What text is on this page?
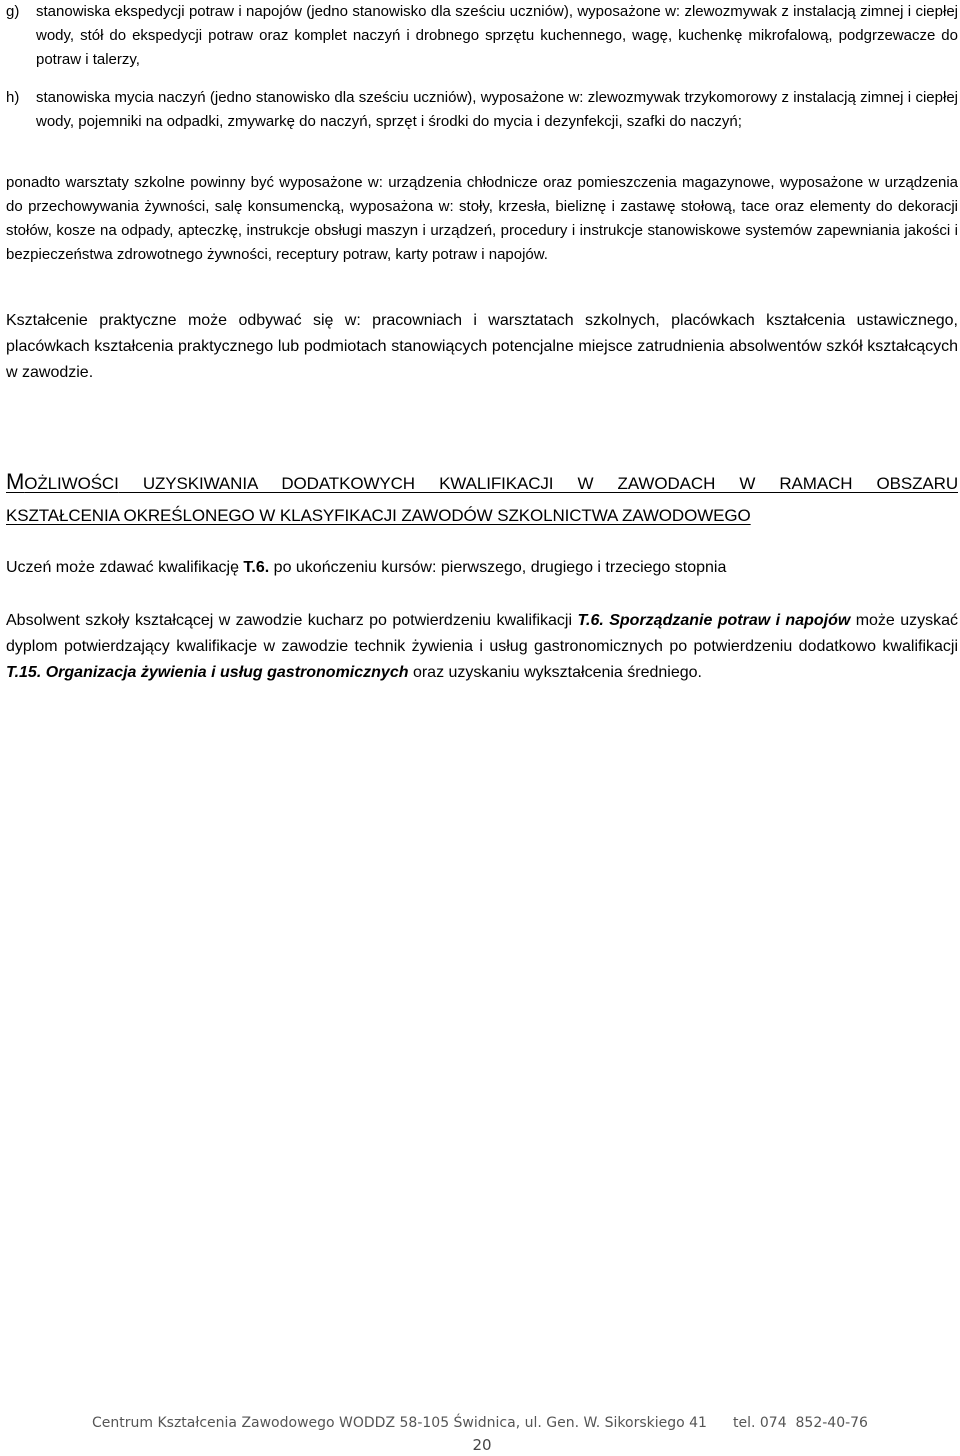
g)	stanowiska ekspedycji potraw i napojów (jedno stanowisko dla sześciu uczniów), wyposażone w: zlewozmywak z instalacją zimnej i ciepłej wody, stół do ekspedycji potraw oraz komplet naczyń i drobnego sprzętu kuchennego, wagę, kuchenkę mikrofalową, podgrzewacze do potraw i talerzy,
h)	stanowiska mycia naczyń (jedno stanowisko dla sześciu uczniów), wyposażone w: zlewozmywak trzykomorowy z instalacją zimnej i ciepłej wody, pojemniki na odpadki, zmywarkę do naczyń, sprzęt i środki do mycia i dezynfekcji, szafki do naczyń;

ponadto warsztaty szkolne powinny być wyposażone w: urządzenia chłodnicze oraz pomieszczenia magazynowe, wyposażone w urządzenia do przechowywania żywności, salę konsumencką, wyposażona w: stoły, krzesła, bieliznę i zastawę stołową, tace oraz elementy do dekoracji stołów, kosze na odpady, apteczkę, instrukcje obsługi maszyn i urządzeń, procedury i instrukcje stanowiskowe systemów zapewniania jakości i bezpieczeństwa zdrowotnego żywności, receptury potraw, karty potraw i napojów.

Kształcenie praktyczne może odbywać się w: pracowniach i warsztatach szkolnych, placówkach kształcenia ustawicznego, placówkach kształcenia praktycznego lub podmiotach stanowiących potencjalne miejsce zatrudnienia absolwentów szkół kształcących w zawodzie.

MOŻLIWOŚCI UZYSKIWANIA DODATKOWYCH KWALIFIKACJI W ZAWODACH W RAMACH OBSZARU
KSZTAŁCENIA OKREŚLONEGO W KLASYFIKACJI ZAWODÓW SZKOLNICTWA ZAWODOWEGO

Uczeń może zdawać kwalifikację T.6. po ukończeniu kursów: pierwszego, drugiego i trzeciego stopnia

Absolwent szkoły kształcącej w zawodzie kucharz po potwierdzeniu kwalifikacji T.6. Sporządzanie potraw i napojów może uzyskać dyplom potwierdzający kwalifikacje w zawodzie technik żywienia i usług gastronomicznych po potwierdzeniu dodatkowo kwalifikacji T.15. Organizacja żywienia i usług gastronomicznych oraz uzyskaniu wykształcenia średniego.

Centrum Kształcenia Zawodowego WODDZ 58-105 Świdnica, ul. Gen. W. Sikorskiego 41 tel. 074  852-40-76
20
